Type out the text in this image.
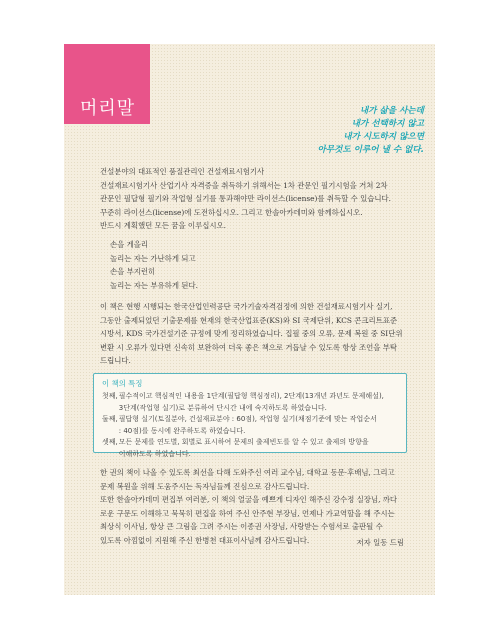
머리말	내가 삶을 사는데
내가 선택하지 않고
내가 시도하지 않으면
아무것도 이루어 낼 수 없다.

건설분야의 대표적인 품질관리인 건설재료시험기사

건설재료시험기사 산업기사 자격증을 취득하기 위해서는 1차 관문인 필기시험을 거쳐 2차

관문인 필답형 필기와 작업형 실기를 통과해야만 라이선스(license)를 취득할 수 있습니다.

꾸준히 라이선스(license)에 도전하십시오. 그리고 한솔아카데미와 함께하십시오.

반드시 계획했던 모든 꿈을 이루십시오.

손을 게을리

놀리는 자는 가난하게 되고

손을 부지런히

놀리는 자는 부유하게 된다.

이 책은 현행 시행되는 한국산업인력공단 국가기술자격검정에 의한 건설재료시험기사 실기,

그동안 출제되었던 기출문제를 현재의 한국산업표준(KS)와 SI 국제단위, KCS 콘크리트표준

시방서, KDS 국가건설기준 규정에 맞게 정리하였습니다. 집필 중의 오류, 문제 복원 중 SI단위

변환 시 오류가 있다면 신속히 보완하여 더욱 좋은 책으로 거듭날 수 있도록 항상 조언을 부탁

드립니다.

이 책의 특징
첫째, 필수적이고 핵심적인 내용을 1단계(필답형 핵심정리), 2단계(13개년 과년도 문제해설),
3단계(작업형 실기)로 분류하여 단시간 내에 숙지하도록 하였습니다.
둘째, 필답형 실기(토질분야, 건설재료분야 : 60점), 작업형 실기(채점기준에 맞는 작업순서
: 40점)를 동시에 완주하도록 하였습니다.
셋째, 모든 문제를 연도별, 회별로 표시하여 문제의 출제빈도를 알 수 있고 출제의 방향을
이해하도록 하였습니다.

한 권의 책이 나올 수 있도록 최선을 다해 도와주신 여러 교수님, 대학교 동문·후배님, 그리고

문제 복원을 위해 도움주시는 독자님들께 진심으로 감사드립니다.

또한 한솔아카데미 편집부 여러분, 이 책의 얼굴을 예쁘게 디자인 해주신 강수정 실장님, 까다

로운 구문도 이해하고 묵묵히 편집을 하여 주신 안주현 부장님, 언제나 가교역할을 해 주시는

최상식 이사님, 항상 큰 그림을 그려 주시는 이종권 사장님, 사랑받는 수험서로 출판될 수

있도록 아낌없이 지원해 주신 한병천 대표이사님께 감사드립니다.	저자 일동 드림
